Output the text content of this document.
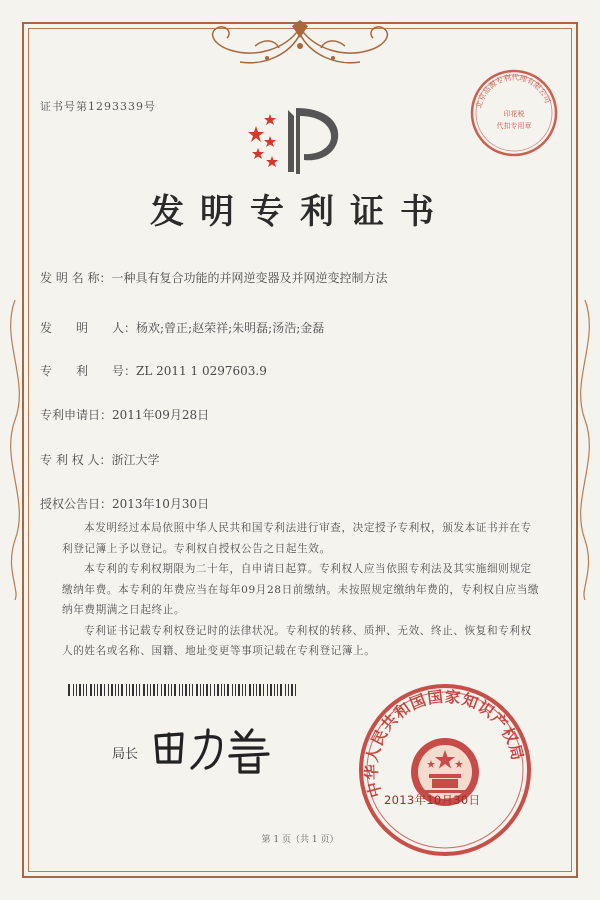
证书号第1293339号	北京品源专利代理有限公司
印花税
代扣专用章
发明专利证书
发 明 名 称：一种具有复合功能的并网逆变器及并网逆变控制方法
发　　明　　人：杨欢;曾正;赵荣祥;朱明磊;汤浩;金磊
专　　利　　号：ZL 2011 1 0297603.9
专利申请日：2011年09月28日
专 利 权 人：浙江大学
授权公告日：2013年10月30日

本发明经过本局依照中华人民共和国专利法进行审查，决定授予专利权，颁发本证书并在专利登记簿上予以登记。专利权自授权公告之日起生效。

本专利的专利权期限为二十年，自申请日起算。专利权人应当依照专利法及其实施细则规定缴纳年费。本专利的年费应当在每年09月28日前缴纳。未按照规定缴纳年费的，专利权自应当缴纳年费期满之日起终止。

专利证书记载专利权登记时的法律状况。专利权的转移、质押、无效、终止、恢复和专利权人的姓名或名称、国籍、地址变更等事项记载在专利登记簿上。

局长
中华人民共和国国家知识产权局
2013年10月30日
第 1 页（共 1 页）
